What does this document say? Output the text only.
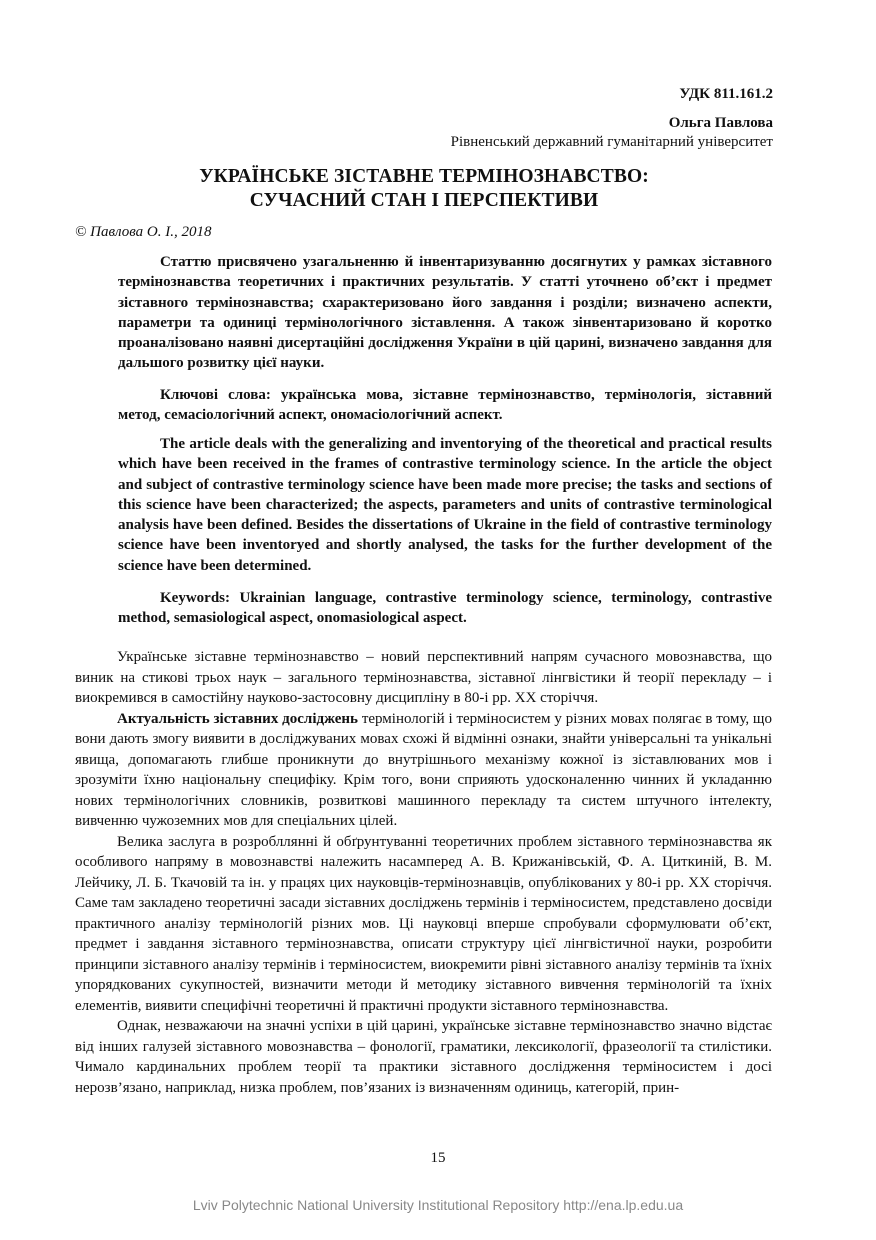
УДК 811.161.2
Ольга Павлова
Рівненський державний гуманітарний університет
УКРАЇНСЬКЕ ЗІСТАВНЕ ТЕРМІНОЗНАВСТВО:
СУЧАСНИЙ СТАН І ПЕРСПЕКТИВИ
© Павлова О. І., 2018

Статтю присвячено узагальненню й інвентаризуванню досягнутих у рамках зіставного термінознавства теоретичних і практичних результатів. У статті уточнено об’єкт і предмет зіставного термінознавства; схарактеризовано його завдання і розділи; визначено аспекти, параметри та одиниці термінологічного зіставлення. А також зінвентаризовано й коротко проаналізовано наявні дисертаційні дослідження України в цій царині, визначено завдання для дальшого розвитку цієї науки.

Ключові слова: українська мова, зіставне термінознавство, термінологія, зіставний метод, семасіологічний аспект, ономасіологічний аспект.

The article deals with the generalizing and inventorying of the theoretical and practical results which have been received in the frames of contrastive terminology science. In the article the object and subject of contrastive terminology science have been made more precise; the tasks and sections of this science have been characterized; the aspects, parameters and units of contrastive terminological analysis have been defined. Besides the dissertations of Ukraine in the field of contrastive terminology science have been inventoryed and shortly analysed, the tasks for the further development of the science have been determined.

Keywords: Ukrainian language, contrastive terminology science, terminology, contrastive method, semasiological aspect, onomasiological aspect.

Українське зіставне термінознавство – новий перспективний напрям сучасного мовознавства, що виник на стикові трьох наук – загального термінознавства, зіставної лінгвістики й теорії перекладу – і виокремився в самостійну науково-застосовну дисципліну в 80-і рр. XX сторіччя.

Актуальність зіставних досліджень термінологій і терміносистем у різних мовах полягає в тому, що вони дають змогу виявити в досліджуваних мовах схожі й відмінні ознаки, знайти універсальні та унікальні явища, допомагають глибше проникнути до внутрішнього механізму кожної із зіставлюваних мов і зрозуміти їхню національну специфіку. Крім того, вони сприяють удосконаленню чинних й укладанню нових термінологічних словників, розвиткові машинного перекладу та систем штучного інтелекту, вивченню чужоземних мов для спеціальних цілей.

Велика заслуга в розробллянні й обґрунтуванні теоретичних проблем зіставного термінознавства як особливого напряму в мовознавстві належить насамперед А. В. Крижанівській, Ф. А. Циткиній, В. М. Лейчику, Л. Б. Ткачовій та ін. у працях цих науковців-термінознавців, опублікованих у 80-і рр. XX сторіччя. Саме там закладено теоретичні засади зіставних досліджень термінів і терміносистем, представлено досвіди практичного аналізу термінологій різних мов. Ці науковці вперше спробували сформулювати об’єкт, предмет і завдання зіставного термінознавства, описати структуру цієї лінгвістичної науки, розробити принципи зіставного аналізу термінів і терміносистем, виокремити рівні зіставного аналізу термінів та їхніх упорядкованих сукупностей, визначити методи й методику зіставного вивчення термінологій та їхніх елементів, виявити специфічні теоретичні й практичні продукти зіставного термінознавства.

Однак, незважаючи на значні успіхи в цій царині, українське зіставне термінознавство значно відстає від інших галузей зіставного мовознавства – фонології, граматики, лексикології, фразеології та стилістики. Чимало кардинальних проблем теорії та практики зіставного дослідження терміносистем і досі нерозв’язано, наприклад, низка проблем, пов’язаних із визначенням одиниць, категорій, прин-

15
Lviv Polytechnic National University Institutional Repository http://ena.lp.edu.ua
